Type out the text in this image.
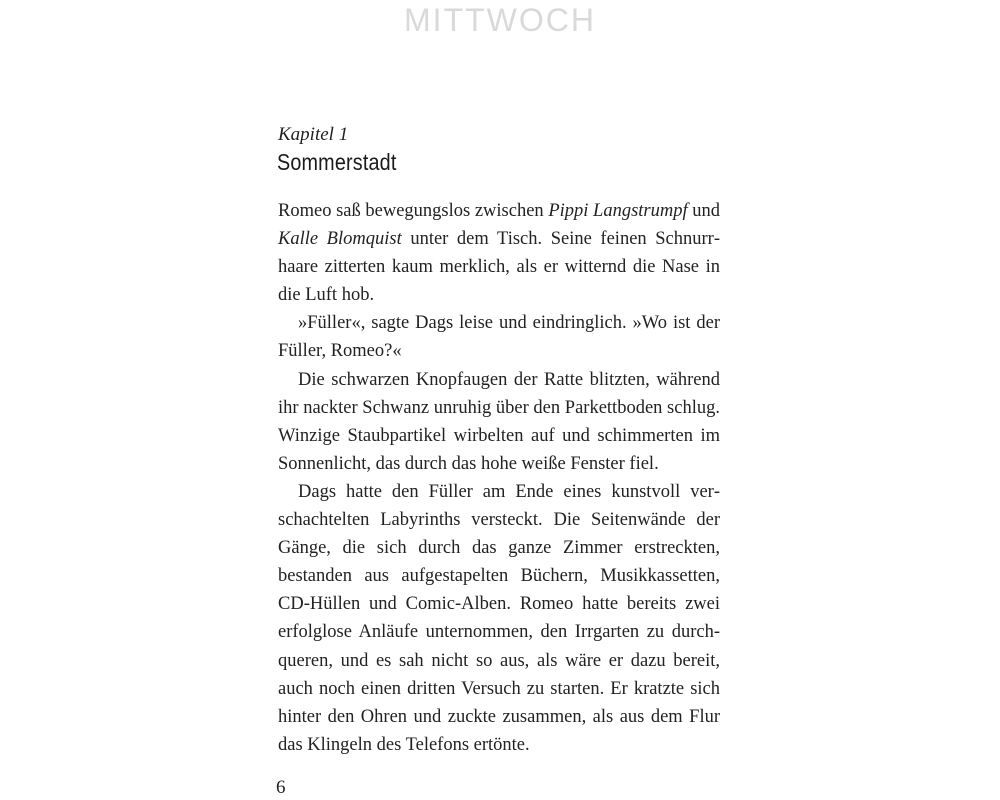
MITTWOCH
Kapitel 1
Sommerstadt

Romeo saß bewegungslos zwischen Pippi Langstrumpf und Kalle Blomquist unter dem Tisch. Seine feinen Schnurrhaare zitterten kaum merklich, als er witternd die Nase in die Luft hob.

»Füller«, sagte Dags leise und eindringlich. »Wo ist der Füller, Romeo?«

Die schwarzen Knopfaugen der Ratte blitzten, während ihr nackter Schwanz unruhig über den Parkettboden schlug. Winzige Staubpartikel wirbelten auf und schimmerten im Sonnenlicht, das durch das hohe weiße Fenster fiel.

Dags hatte den Füller am Ende eines kunstvoll verschachtelten Labyrinths versteckt. Die Seitenwände der Gänge, die sich durch das ganze Zimmer erstreckten, bestanden aus aufgestapelten Büchern, Musikkassetten, CD-Hüllen und Comic-Alben. Romeo hatte bereits zwei erfolglose Anläufe unternommen, den Irrgarten zu durchqueren, und es sah nicht so aus, als wäre er dazu bereit, auch noch einen dritten Versuch zu starten. Er kratzte sich hinter den Ohren und zuckte zusammen, als aus dem Flur das Klingeln des Telefons ertönte.

6
